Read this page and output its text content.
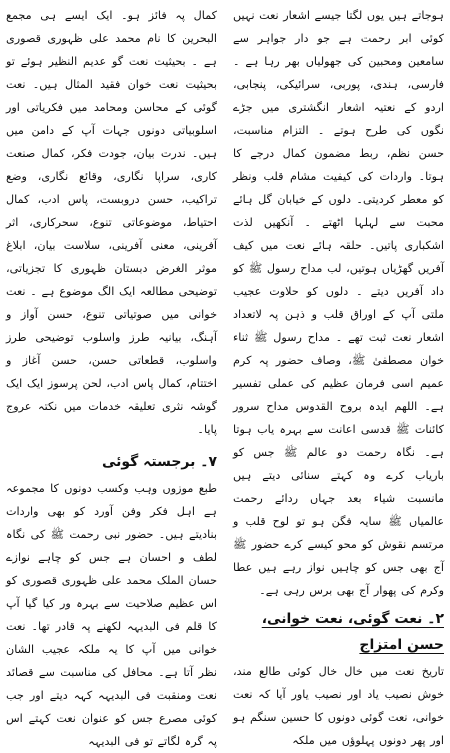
ہوجاتے ہیں یوں لگتا جیسے اشعار نعت نہیں کوئی ابر رحمت ہے جو دار جواہر سے سامعین ومحبین کی جھولیاں بھر رہا ہے ۔ فارسی، ہندی، پوربی، سرائیکی، پنجابی، اردو کے نعتیہ اشعار انگشتری میں جڑے نگوں کی طرح ہوتے ۔ التزام مناسبت، حسن نظم، ربط مضمون کمال درجے کا ہوتا۔ واردات کی کیفیت مشام قلب ونظر کو معطر کردیتی۔ دلوں کے خیابان گل ہائے محبت سے لہلہا اٹھتے ۔ آنکھیں لذت اشکباری پاتیں۔ حلقہ ہائے نعت میں کیف آفریں گھڑیاں ہوتیں، لب مداح رسول ﷺ کو داد آفریں دیتے ۔ دلوں کو حلاوت عجیب ملتی آپ کے اوراق قلب و ذہن پہ لاتعداد اشعار نعت ثبت تھے ۔ مداح رسول ﷺ ثناء خوان مصطفیٰ ﷺ، وصاف حضور پہ کرم عمیم اسی فرمان عظیم کی عملی تفسیر ہے۔ اللھم ایدہ بروح القدوس مداح سرور کائنات ﷺ قدسی اعانت سے بہرہ یاب ہوتا ہے۔ نگاہ رحمت دو عالم ﷺ جس کو باریاب کرے وہ کہتے سنائی دیتے ہیں مانسبت شیاء بعد جہاں ردائے رحمت عالمیاں ﷺ سایہ فگن ہو تو لوح قلب و مرتسم نقوش کو محو کیسے کرے حضور ﷺ آج بھی جس کو چاہیں نواز رہے ہیں عطا وکرم کی پھوار آج بھی برس رہی ہے۔

۲۔ نعت گوئی، نعت خوانی، حسن امتزاج

تاریخ نعت میں خال خال کوئی طالع مند، خوش نصیب یاد اور نصیب یاور آیا کہ نعت خوانی، نعت گوئی دونوں کا حسین سنگم ہو اور پھر دونوں پہلوؤں میں ملکہ

کمال پہ فائز ہو۔ ایک ایسے ہی مجمع البحرین کا نام محمد علی ظہوری قصوری ہے ۔ بحیثیت نعت گو عدیم النظیر ہوئے تو بحیثیت نعت خوان فقید المثال ہیں۔ نعت گوئی کے محاسن ومحامد میں فکریاتی اور اسلوبیاتی دونوں جہات آپ کے دامن میں ہیں۔ ندرت بیان، جودت فکر، کمال صنعت کاری، سراپا نگاری، وقائع نگاری، وضع تراکیب، حسن دروبست، پاس ادب، کمال احتیاط، موضوعاتی تنوع، سحرکاری، اثر آفرینی، معنی آفرینی، سلاست بیان، ابلاغ موثر الغرض دبستان ظہوری کا تجزیاتی، توضیحی مطالعہ ایک الگ موضوع ہے ۔ نعت خوانی میں صوتیاتی تنوع، حسن آواز و آہنگ، بیانیہ طرز واسلوب توضیحی طرز واسلوب، قطعاتی حسن، حسن آغاز و اختتام، کمال پاس ادب، لحن پرسوز ایک ایک گوشہ نثری تعلیقہ خدمات میں نکتہ عروج پایا۔

۷۔ برجستہ گوئی

طبع موزوں وہب وکسب دونوں کا مجموعہ ہے اہل فکر وفن آورد کو بھی واردات بنادیتے ہیں۔ حضور نبی رحمت ﷺ کی نگاہ لطف و احسان ہے جس کو چاہے نوازے حسان الملک محمد علی ظہوری قصوری کو اس عظیم صلاحیت سے بہرہ ور کیا گیا آپ کا قلم فی البدیہہ لکھنے پہ قادر تھا۔ نعت خوانی میں آپ کا یہ ملکہ عجیب الشان نظر آتا ہے۔ محافل کی مناسبت سے قصائد نعت ومنقبت فی البدیہہ کہہ دیتے اور جب کوئی مصرع جس کو عنوان نعت کہتے اس پہ گرہ لگاتے تو فی البدیہہ
